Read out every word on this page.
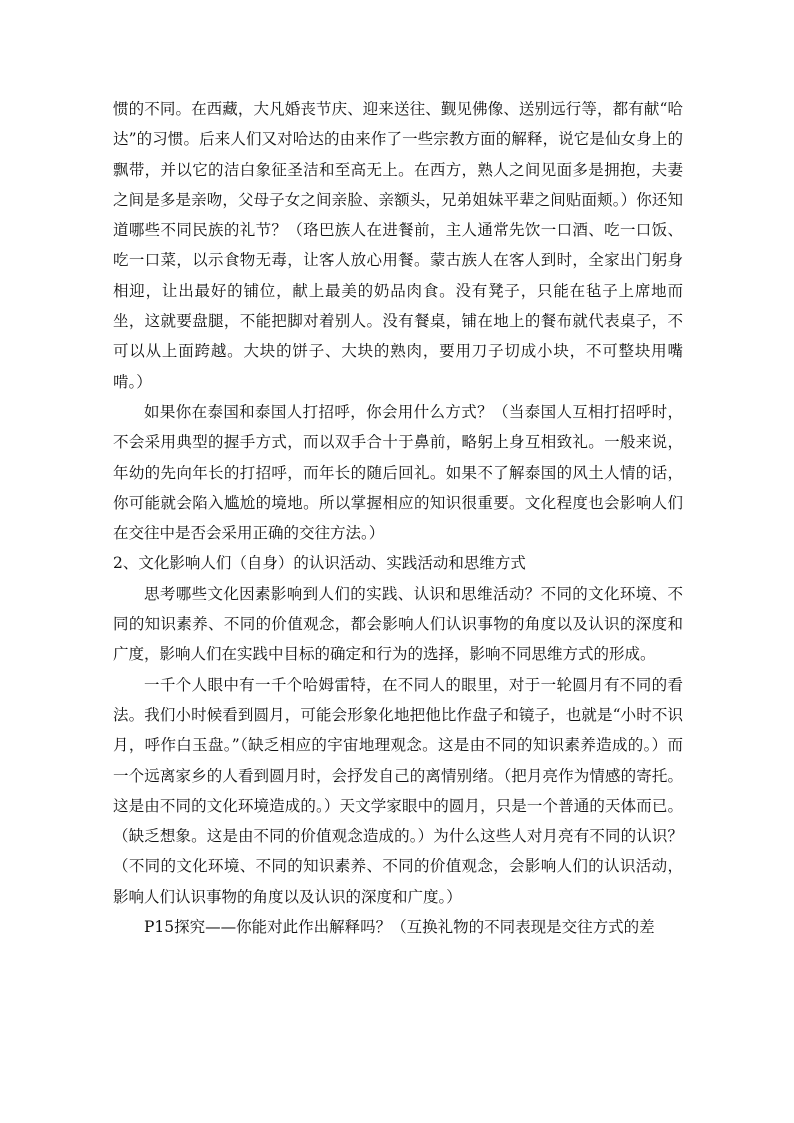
惯的不同。在西藏，大凡婚丧节庆、迎来送往、觐见佛像、送别远行等，都有献“哈达”的习惯。后来人们又对哈达的由来作了一些宗教方面的解释，说它是仙女身上的飘带，并以它的洁白象征圣洁和至高无上。在西方，熟人之间见面多是拥抱，夫妻之间是多是亲吻，父母子女之间亲脸、亲额头，兄弟姐妹平辈之间贴面颊。）你还知道哪些不同民族的礼节？（珞巴族人在进餐前，主人通常先饮一口酒、吃一口饭、吃一口菜，以示食物无毒，让客人放心用餐。蒙古族人在客人到时，全家出门躬身相迎，让出最好的铺位，献上最美的奶品肉食。没有凳子，只能在毡子上席地而坐，这就要盘腿，不能把脚对着别人。没有餐桌，铺在地上的餐布就代表桌子，不可以从上面跨越。大块的饼子、大块的熟肉，要用刀子切成小块，不可整块用嘴啃。）

如果你在泰国和泰国人打招呼，你会用什么方式？（当泰国人互相打招呼时，不会采用典型的握手方式，而以双手合十于鼻前，略躬上身互相致礼。一般来说，年幼的先向年长的打招呼，而年长的随后回礼。如果不了解泰国的风土人情的话，你可能就会陷入尴尬的境地。所以掌握相应的知识很重要。文化程度也会影响人们在交往中是否会采用正确的交往方法。）

2、文化影响人们（自身）的认识活动、实践活动和思维方式

思考哪些文化因素影响到人们的实践、认识和思维活动？不同的文化环境、不同的知识素养、不同的价值观念，都会影响人们认识事物的角度以及认识的深度和广度，影响人们在实践中目标的确定和行为的选择，影响不同思维方式的形成。

一千个人眼中有一千个哈姆雷特，在不同人的眼里，对于一轮圆月有不同的看法。我们小时候看到圆月，可能会形象化地把他比作盘子和镜子，也就是“小时不识月，呼作白玉盘。”（缺乏相应的宇宙地理观念。这是由不同的知识素养造成的。）而一个远离家乡的人看到圆月时，会抒发自己的离情别绪。（把月亮作为情感的寄托。这是由不同的文化环境造成的。）天文学家眼中的圆月，只是一个普通的天体而已。（缺乏想象。这是由不同的价值观念造成的。）为什么这些人对月亮有不同的认识？（不同的文化环境、不同的知识素养、不同的价值观念，会影响人们的认识活动，影响人们认识事物的角度以及认识的深度和广度。）

P15探究——你能对此作出解释吗？（互换礼物的不同表现是交往方式的差
